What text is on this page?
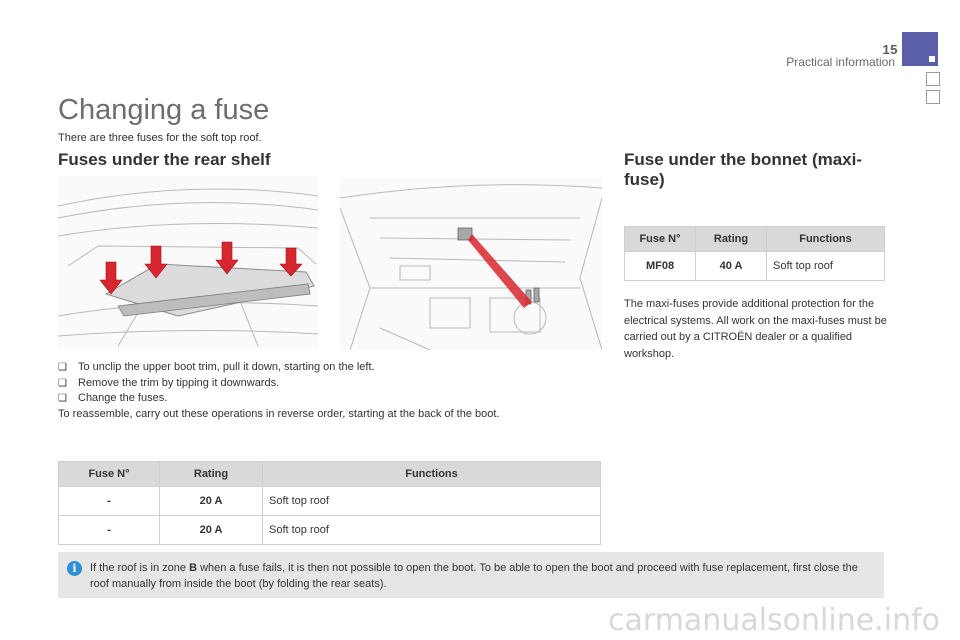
15
Practical information
Changing a fuse
There are three fuses for the soft top roof.
Fuses under the rear shelf	Fuse under the bonnet (maxi-fuse)
❑	To unclip the upper boot trim, pull it down, starting on the left.
❑	Remove the trim by tipping it downwards.
❑	Change the fuses.
To reassemble, carry out these operations in reverse order, starting at the back of the boot.
Fuse N°	Rating	Functions
-	20 A	Soft top roof
-	20 A	Soft top roof
Fuse N°	Rating	Functions
MF08	40 A	Soft top roof
The maxi-fuses provide additional protection for the electrical systems. All work on the maxi-fuses must be carried out by a CITROËN dealer or a qualified workshop.
i	If the roof is in zone B when a fuse fails, it is then not possible to open the boot. To be able to open the boot and proceed with fuse replacement, first close the roof manually from inside the boot (by folding the rear seats).
carmanualsonline.info
